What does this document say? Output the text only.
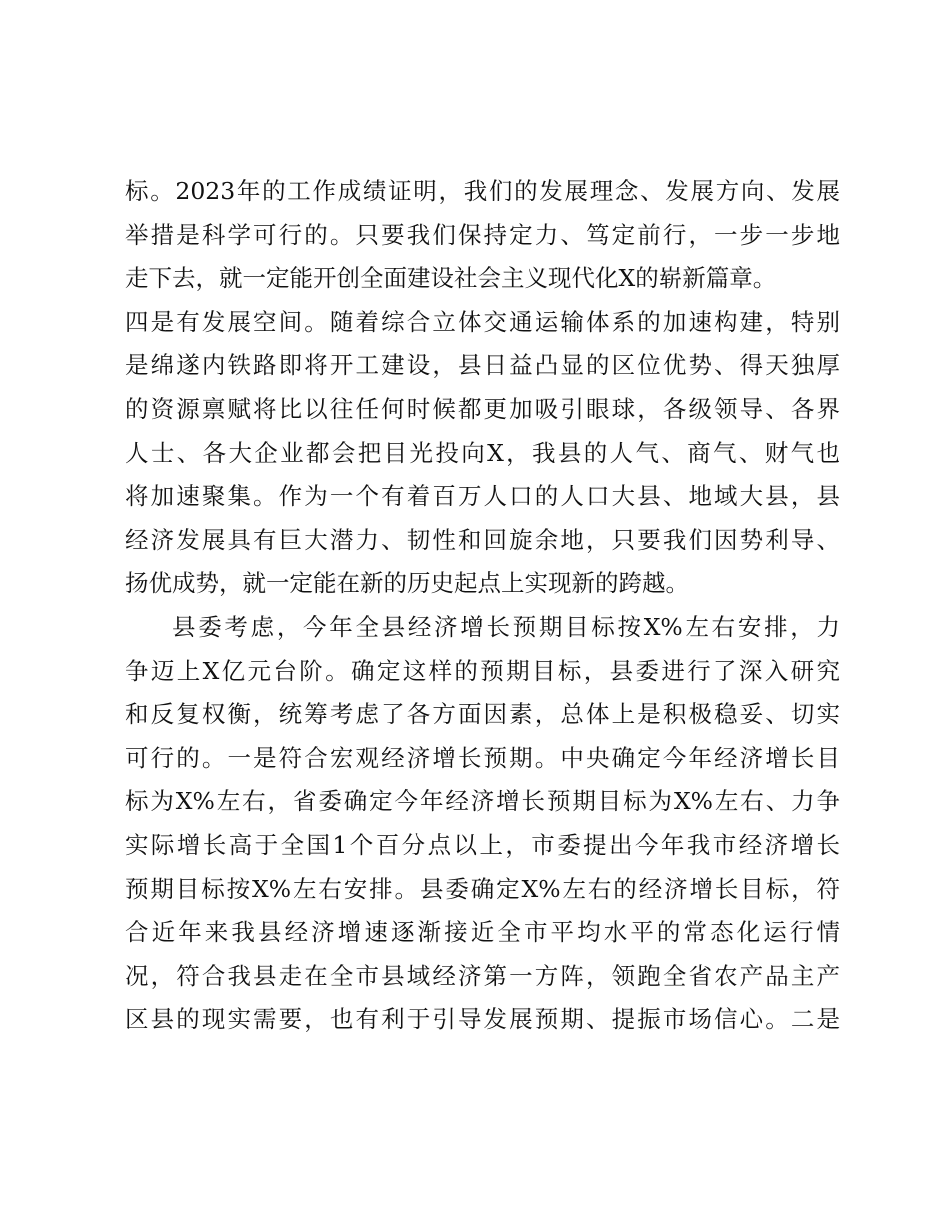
标。2023年的工作成绩证明，我们的发展理念、发展方向、发展
举措是科学可行的。只要我们保持定力、笃定前行，一步一步地
走下去，就一定能开创全面建设社会主义现代化X的崭新篇章。
四是有发展空间。随着综合立体交通运输体系的加速构建，特别
是绵遂内铁路即将开工建设，县日益凸显的区位优势、得天独厚
的资源禀赋将比以往任何时候都更加吸引眼球，各级领导、各界
人士、各大企业都会把目光投向X，我县的人气、商气、财气也
将加速聚集。作为一个有着百万人口的人口大县、地域大县，县
经济发展具有巨大潜力、韧性和回旋余地，只要我们因势利导、
扬优成势，就一定能在新的历史起点上实现新的跨越。
县委考虑，今年全县经济增长预期目标按X%左右安排，力
争迈上X亿元台阶。确定这样的预期目标，县委进行了深入研究
和反复权衡，统筹考虑了各方面因素，总体上是积极稳妥、切实
可行的。一是符合宏观经济增长预期。中央确定今年经济增长目
标为X%左右，省委确定今年经济增长预期目标为X%左右、力争
实际增长高于全国1个百分点以上，市委提出今年我市经济增长
预期目标按X%左右安排。县委确定X%左右的经济增长目标，符
合近年来我县经济增速逐渐接近全市平均水平的常态化运行情
况，符合我县走在全市县域经济第一方阵，领跑全省农产品主产
区县的现实需要，也有利于引导发展预期、提振市场信心。二是
